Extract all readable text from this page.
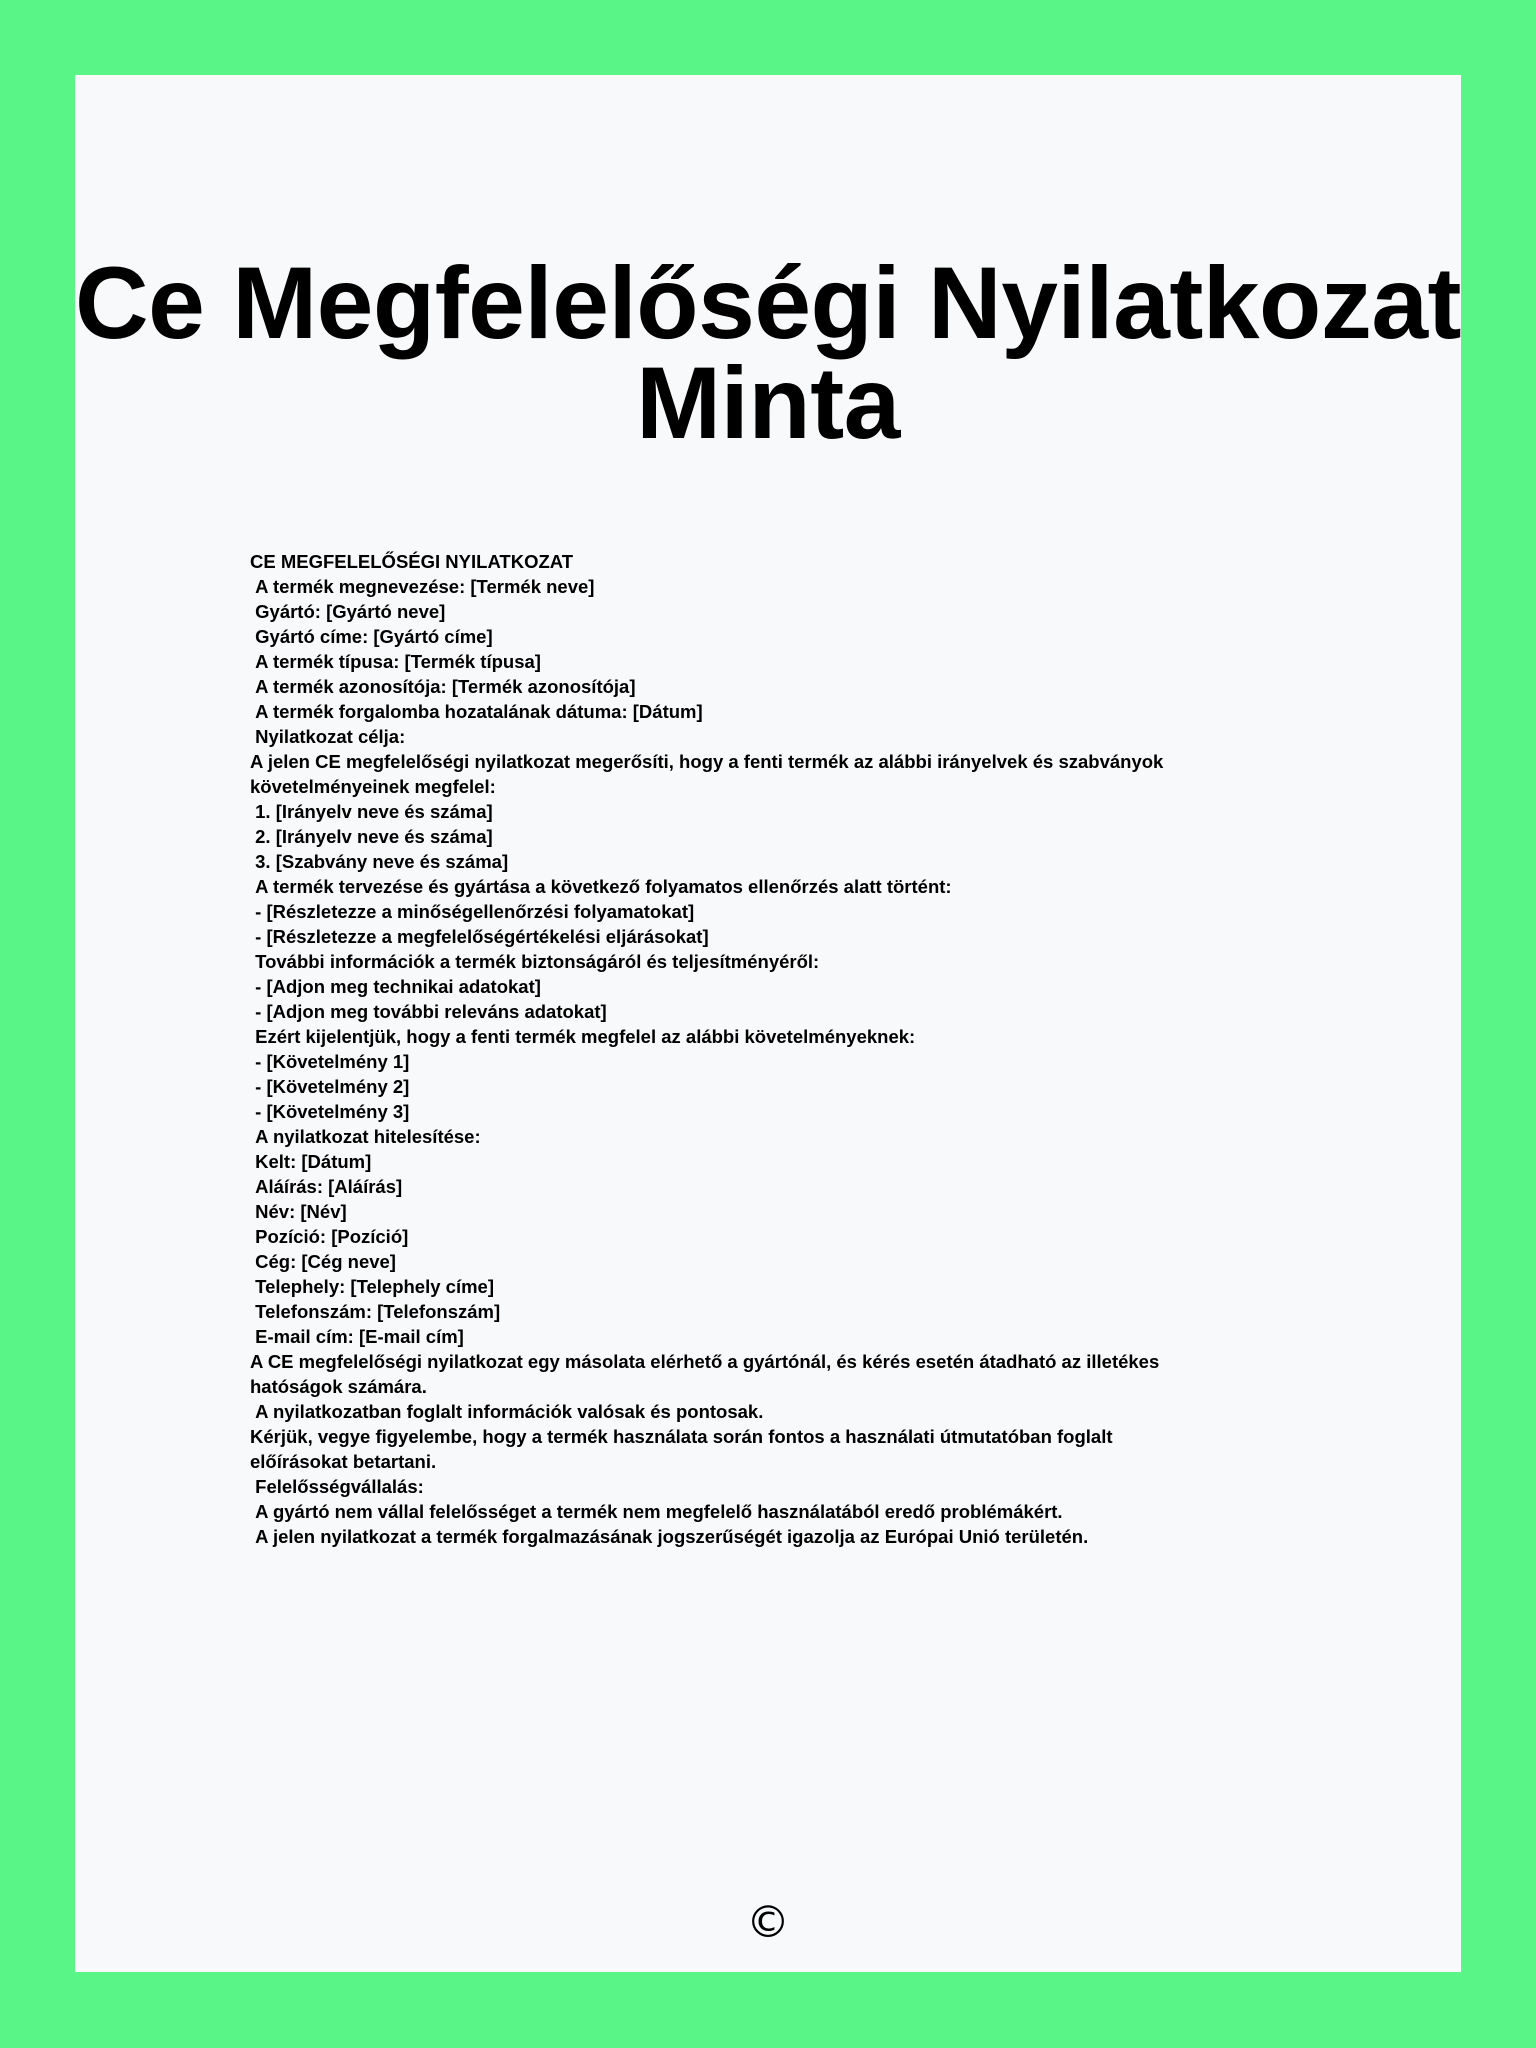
Ce Megfelelőségi Nyilatkozat
Minta
CE MEGFELELŐSÉGI NYILATKOZAT
A termék megnevezése: [Termék neve]
Gyártó: [Gyártó neve]
Gyártó címe: [Gyártó címe]
A termék típusa: [Termék típusa]
A termék azonosítója: [Termék azonosítója]
A termék forgalomba hozatalának dátuma: [Dátum]
Nyilatkozat célja:
A jelen CE megfelelőségi nyilatkozat megerősíti, hogy a fenti termék az alábbi irányelvek és szabványok
követelményeinek megfelel:
1. [Irányelv neve és száma]
2. [Irányelv neve és száma]
3. [Szabvány neve és száma]
A termék tervezése és gyártása a következő folyamatos ellenőrzés alatt történt:
- [Részletezze a minőségellenőrzési folyamatokat]
- [Részletezze a megfelelőségértékelési eljárásokat]
További információk a termék biztonságáról és teljesítményéről:
- [Adjon meg technikai adatokat]
- [Adjon meg további releváns adatokat]
Ezért kijelentjük, hogy a fenti termék megfelel az alábbi követelményeknek:
- [Követelmény 1]
- [Követelmény 2]
- [Követelmény 3]
A nyilatkozat hitelesítése:
Kelt: [Dátum]
Aláírás: [Aláírás]
Név: [Név]
Pozíció: [Pozíció]
Cég: [Cég neve]
Telephely: [Telephely címe]
Telefonszám: [Telefonszám]
E-mail cím: [E-mail cím]
A CE megfelelőségi nyilatkozat egy másolata elérhető a gyártónál, és kérés esetén átadható az illetékes
hatóságok számára.
A nyilatkozatban foglalt információk valósak és pontosak.
Kérjük, vegye figyelembe, hogy a termék használata során fontos a használati útmutatóban foglalt
előírásokat betartani.
Felelősségvállalás:
A gyártó nem vállal felelősséget a termék nem megfelelő használatából eredő problémákért.
A jelen nyilatkozat a termék forgalmazásának jogszerűségét igazolja az Európai Unió területén.
©
